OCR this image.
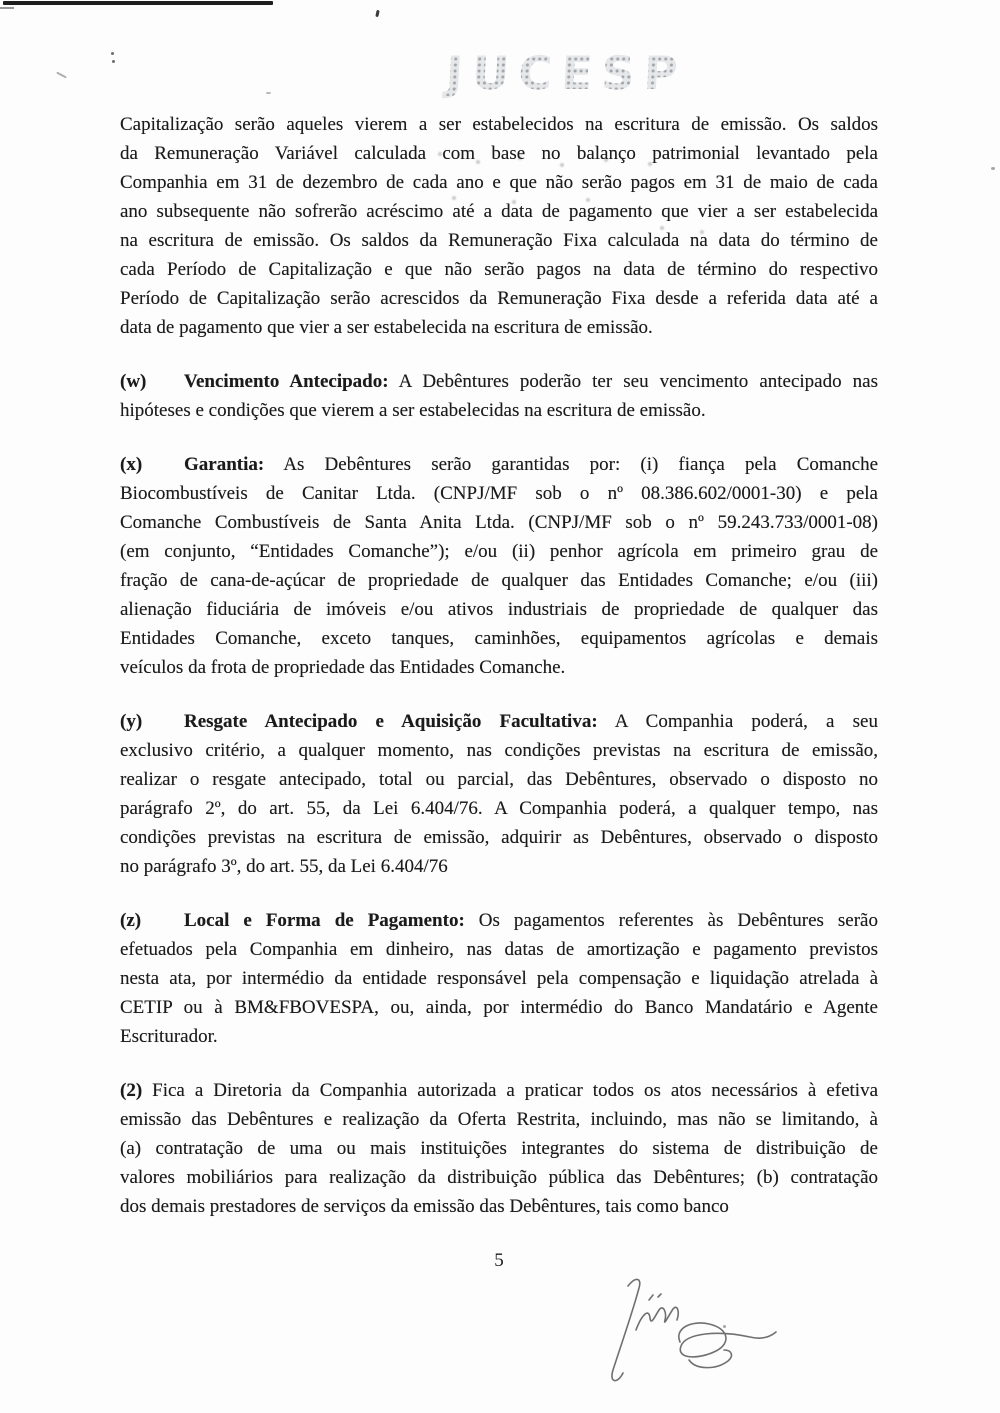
JUCESP
Capitalização serão aqueles vierem a ser estabelecidos na escritura de emissão. Os saldos
da Remuneração Variável calculada com base no balanço patrimonial levantado pela
Companhia em 31 de dezembro de cada ano e que não serão pagos em 31 de maio de cada
ano subsequente não sofrerão acréscimo até a data de pagamento que vier a ser estabelecida
na escritura de emissão. Os saldos da Remuneração Fixa calculada na data do término de
cada Período de Capitalização e que não serão pagos na data de término do respectivo
Período de Capitalização serão acrescidos da Remuneração Fixa desde a referida data até a
data de pagamento que vier a ser estabelecida na escritura de emissão.
(w) Vencimento Antecipado: A Debêntures poderão ter seu vencimento antecipado nas
hipóteses e condições que vierem a ser estabelecidas na escritura de emissão.
(x) Garantia: As Debêntures serão garantidas por: (i) fiança pela Comanche
Biocombustíveis de Canitar Ltda. (CNPJ/MF sob o nº 08.386.602/0001-30) e pela
Comanche Combustíveis de Santa Anita Ltda. (CNPJ/MF sob o nº 59.243.733/0001-08)
(em conjunto, “Entidades Comanche”); e/ou (ii) penhor agrícola em primeiro grau de
fração de cana-de-açúcar de propriedade de qualquer das Entidades Comanche; e/ou (iii)
alienação fiduciária de imóveis e/ou ativos industriais de propriedade de qualquer das
Entidades Comanche, exceto tanques, caminhões, equipamentos agrícolas e demais
veículos da frota de propriedade das Entidades Comanche.
(y) Resgate Antecipado e Aquisição Facultativa: A Companhia poderá, a seu
exclusivo critério, a qualquer momento, nas condições previstas na escritura de emissão,
realizar o resgate antecipado, total ou parcial, das Debêntures, observado o disposto no
parágrafo 2º, do art. 55, da Lei 6.404/76. A Companhia poderá, a qualquer tempo, nas
condições previstas na escritura de emissão, adquirir as Debêntures, observado o disposto
no parágrafo 3º, do art. 55, da Lei 6.404/76
(z) Local e Forma de Pagamento: Os pagamentos referentes às Debêntures serão
efetuados pela Companhia em dinheiro, nas datas de amortização e pagamento previstos
nesta ata, por intermédio da entidade responsável pela compensação e liquidação atrelada à
CETIP ou à BM&FBOVESPA, ou, ainda, por intermédio do Banco Mandatário e Agente
Escriturador.
(2) Fica a Diretoria da Companhia autorizada a praticar todos os atos necessários à efetiva
emissão das Debêntures e realização da Oferta Restrita, incluindo, mas não se limitando, à
(a) contratação de uma ou mais instituições integrantes do sistema de distribuição de
valores mobiliários para realização da distribuição pública das Debêntures; (b) contratação
dos demais prestadores de serviços da emissão das Debêntures, tais como banco
5
